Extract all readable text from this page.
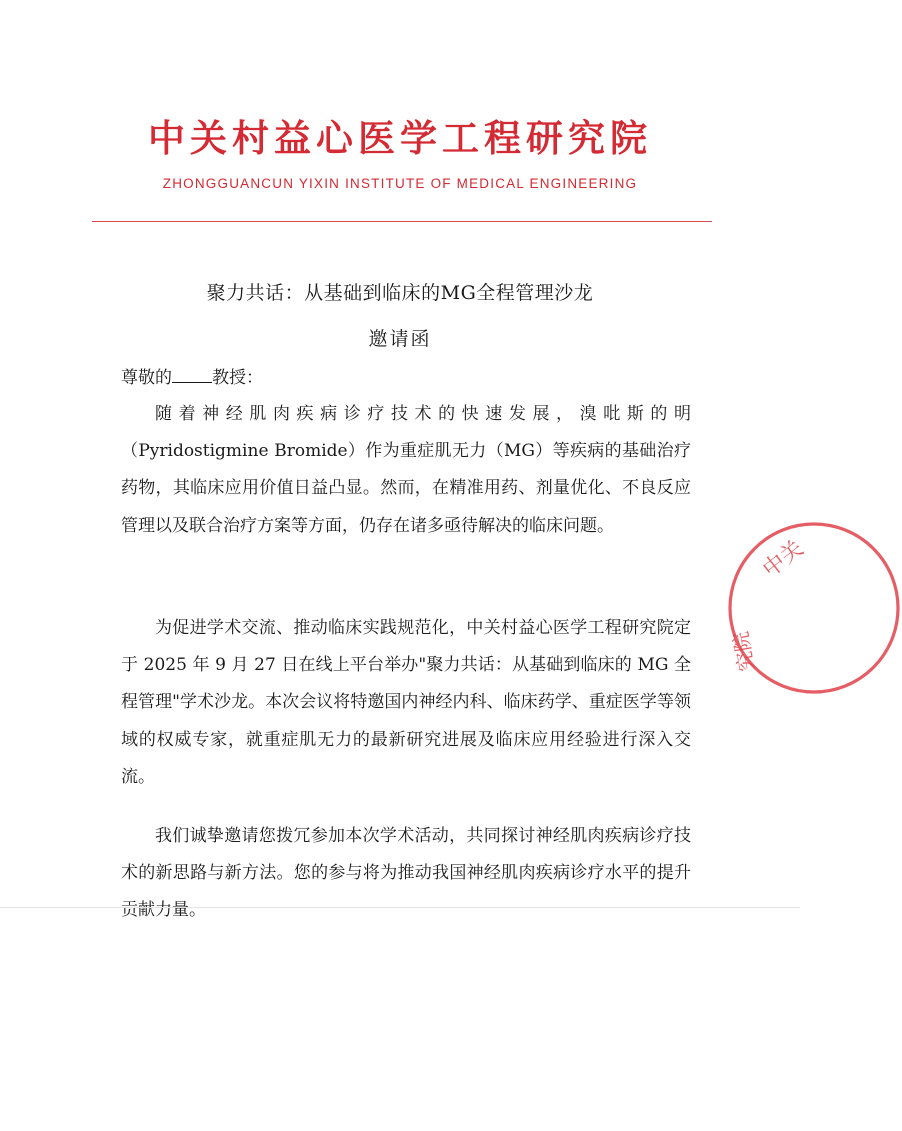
中关村益心医学工程研究院
ZHONGGUANCUN YIXIN INSTITUTE OF MEDICAL ENGINEERING
聚力共话：从基础到临床的MG全程管理沙龙
邀请函
尊敬的 教授：

随着神经肌肉疾病诊疗技术的快速发展，溴吡斯的明（Pyridostigmine Bromide）作为重症肌无力（MG）等疾病的基础治疗药物，其临床应用价值日益凸显。然而，在精准用药、剂量优化、不良反应管理以及联合治疗方案等方面，仍存在诸多亟待解决的临床问题。

为促进学术交流、推动临床实践规范化，中关村益心医学工程研究院定于 2025 年 9 月 27 日在线上平台举办"聚力共话：从基础到临床的 MG 全程管理"学术沙龙。本次会议将特邀国内神经内科、临床药学、重症医学等领域的权威专家，就重症肌无力的最新研究进展及临床应用经验进行深入交流。

我们诚挚邀请您拨冗参加本次学术活动，共同探讨神经肌肉疾病诊疗技术的新思路与新方法。您的参与将为推动我国神经肌肉疾病诊疗水平的提升贡献力量。

中关
究院
